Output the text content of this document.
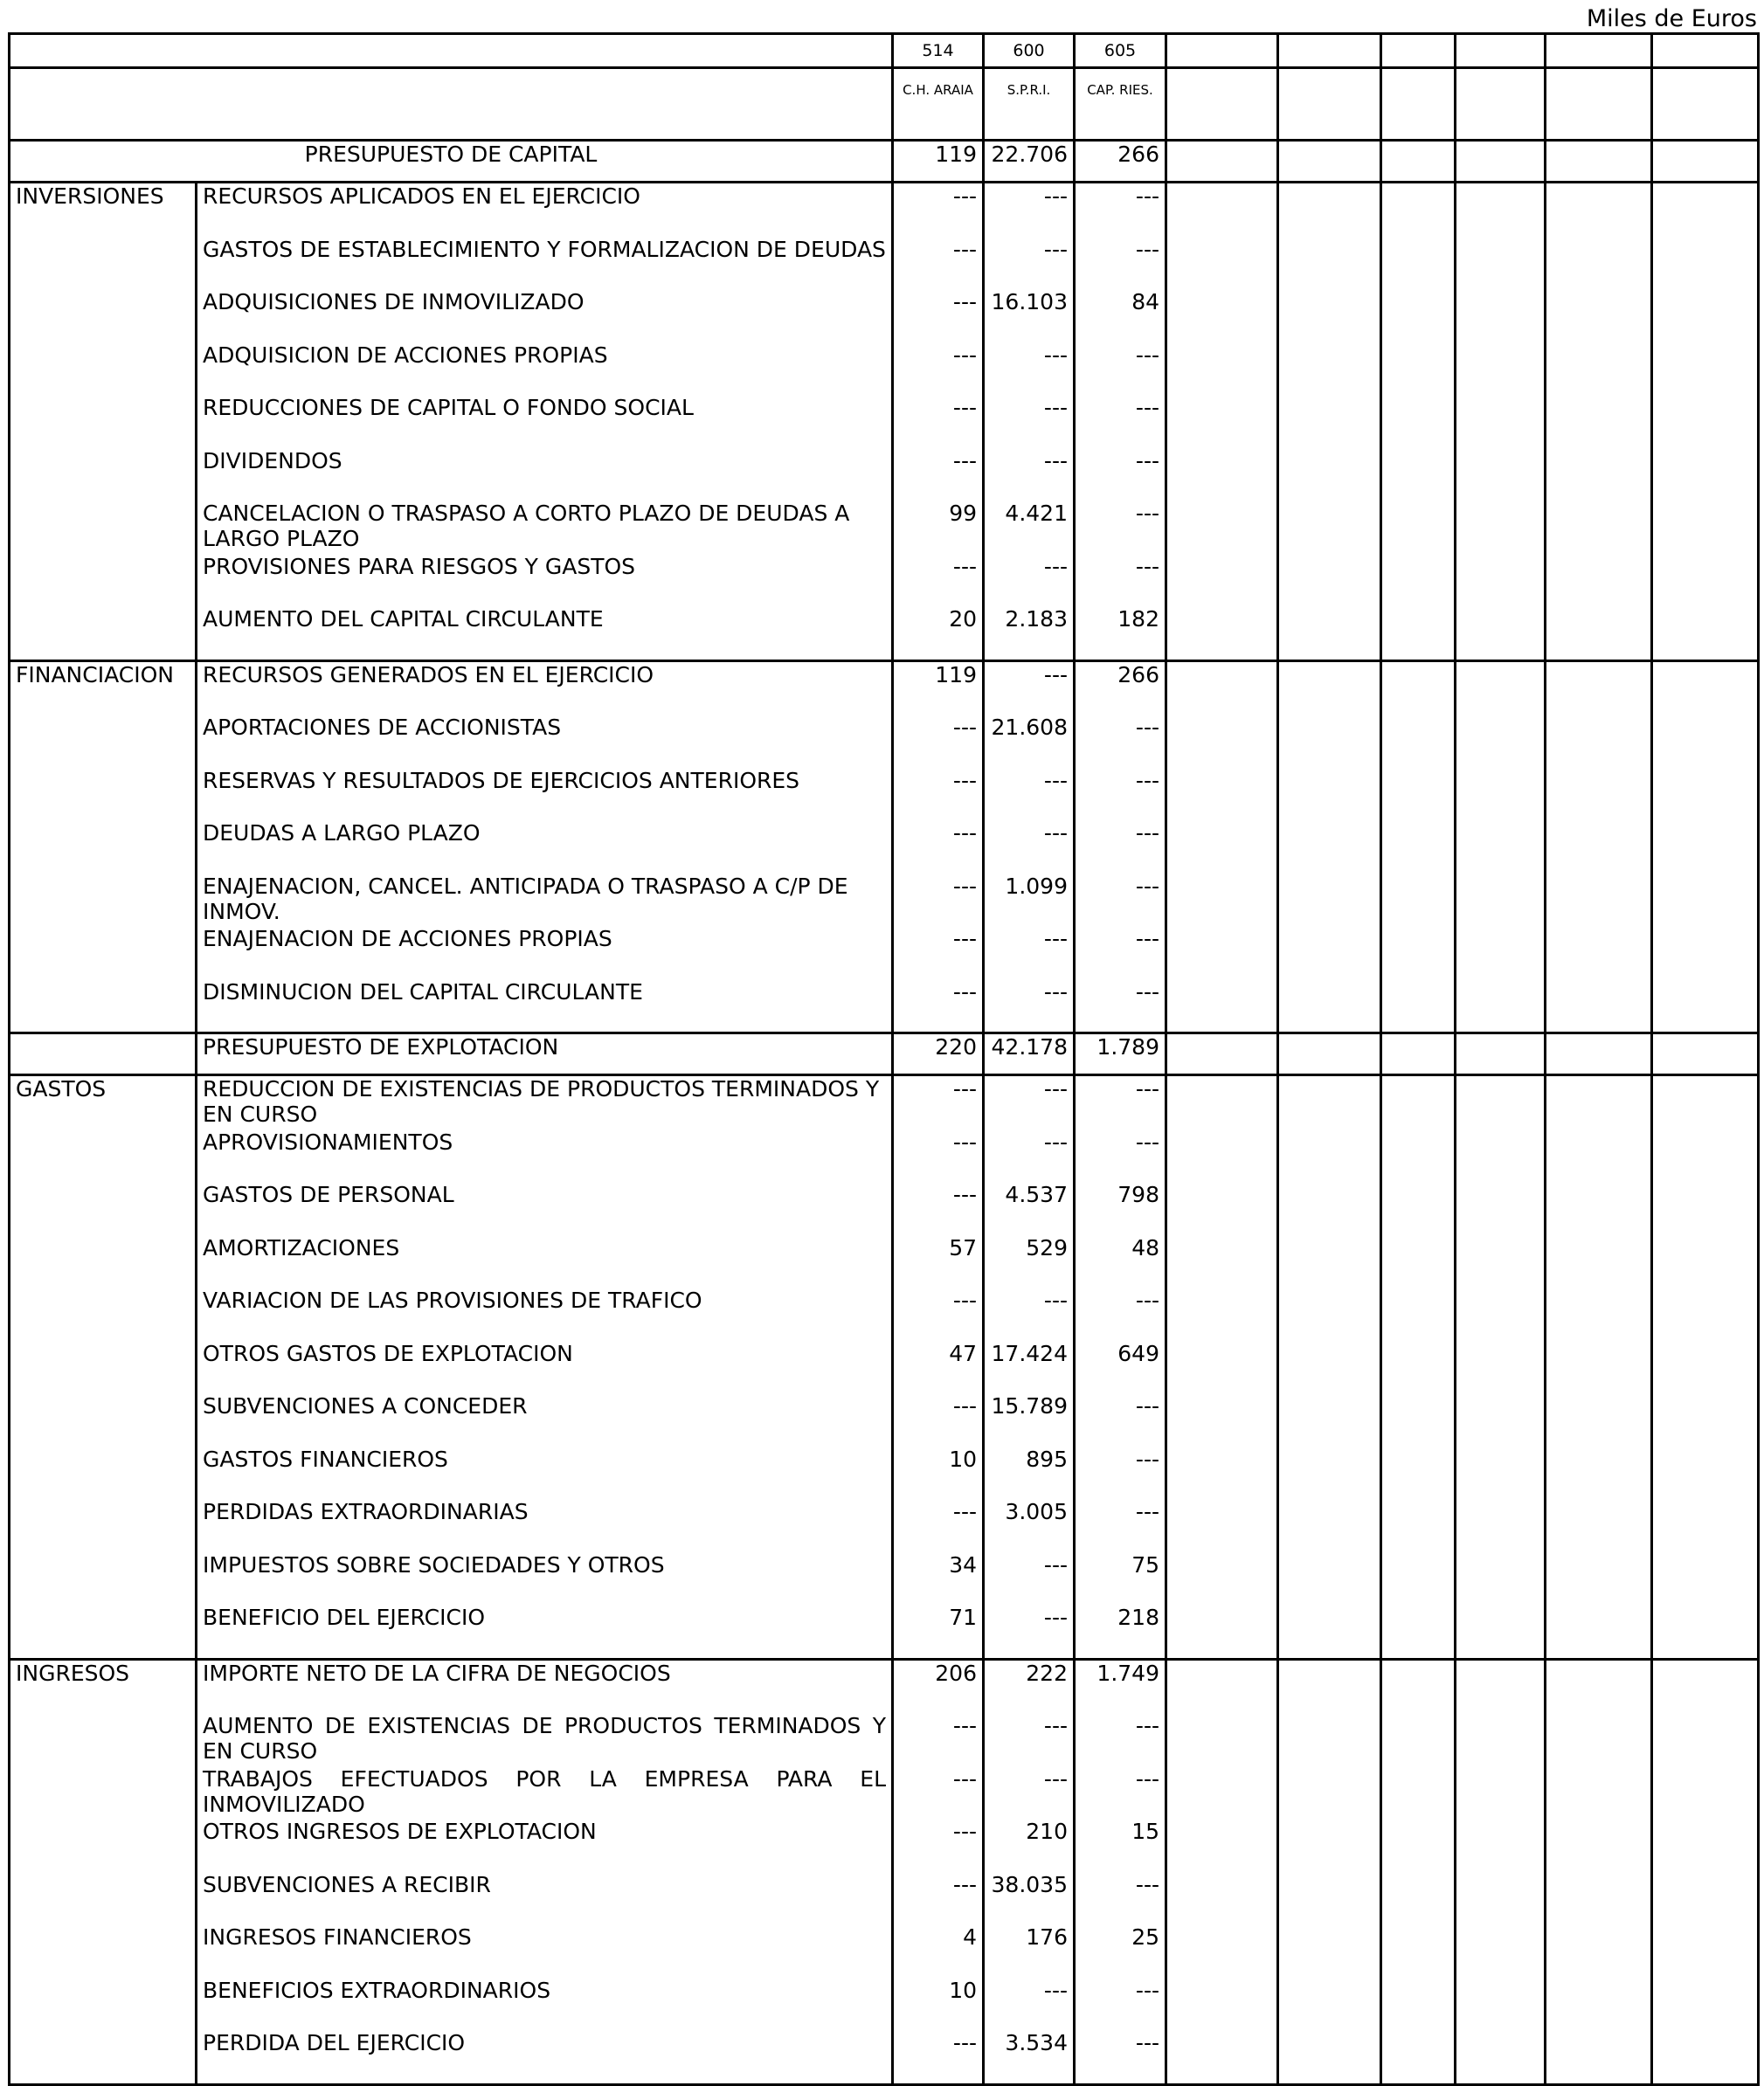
Miles de Euros
		514	600	605						
		C.H. ARAIA	S.P.R.I.	CAP. RIES.						
PRESUPUESTO DE CAPITAL		119	22.706	266						
INVERSIONES	RECURSOS APLICADOS EN EL EJERCICIO	---	---	---						
	GASTOS DE ESTABLECIMIENTO Y FORMALIZACION DE DEUDAS	---	---	---						
	ADQUISICIONES DE INMOVILIZADO	---	16.103	84						
	ADQUISICION DE ACCIONES PROPIAS	---	---	---						
	REDUCCIONES DE CAPITAL O FONDO SOCIAL	---	---	---						
	DIVIDENDOS	---	---	---						
	CANCELACION O TRASPASO A CORTO PLAZO DE DEUDAS A LARGO PLAZO	99	4.421	---						
	PROVISIONES PARA RIESGOS Y GASTOS	---	---	---						
	AUMENTO DEL CAPITAL CIRCULANTE	20	2.183	182						
FINANCIACION	RECURSOS GENERADOS EN EL EJERCICIO	119	---	266						
	APORTACIONES DE ACCIONISTAS	---	21.608	---						
	RESERVAS Y RESULTADOS DE EJERCICIOS ANTERIORES	---	---	---						
	DEUDAS A LARGO PLAZO	---	---	---						
	ENAJENACION, CANCEL. ANTICIPADA O TRASPASO A C/P DE INMOV.	---	1.099	---						
	ENAJENACION DE ACCIONES PROPIAS	---	---	---						
	DISMINUCION DEL CAPITAL CIRCULANTE	---	---	---						
	PRESUPUESTO DE EXPLOTACION	220	42.178	1.789						
GASTOS	REDUCCION DE EXISTENCIAS DE PRODUCTOS TERMINADOS Y EN CURSO	---	---	---						
	APROVISIONAMIENTOS	---	---	---						
	GASTOS DE PERSONAL	---	4.537	798						
	AMORTIZACIONES	57	529	48						
	VARIACION DE LAS PROVISIONES DE TRAFICO	---	---	---						
	OTROS GASTOS DE EXPLOTACION	47	17.424	649						
	SUBVENCIONES A CONCEDER	---	15.789	---						
	GASTOS FINANCIEROS	10	895	---						
	PERDIDAS EXTRAORDINARIAS	---	3.005	---						
	IMPUESTOS SOBRE SOCIEDADES Y OTROS	34	---	75						
	BENEFICIO DEL EJERCICIO	71	---	218						
INGRESOS	IMPORTE NETO DE LA CIFRA DE NEGOCIOS	206	222	1.749						
	AUMENTO DE EXISTENCIAS DE PRODUCTOS TERMINADOS Y EN CURSO	---	---	---						
	TRABAJOS EFECTUADOS POR LA EMPRESA PARA EL INMOVILIZADO	---	---	---						
	OTROS INGRESOS DE EXPLOTACION	---	210	15						
	SUBVENCIONES A RECIBIR	---	38.035	---						
	INGRESOS FINANCIEROS	4	176	25						
	BENEFICIOS EXTRAORDINARIOS	10	---	---						
	PERDIDA DEL EJERCICIO	---	3.534	---						
